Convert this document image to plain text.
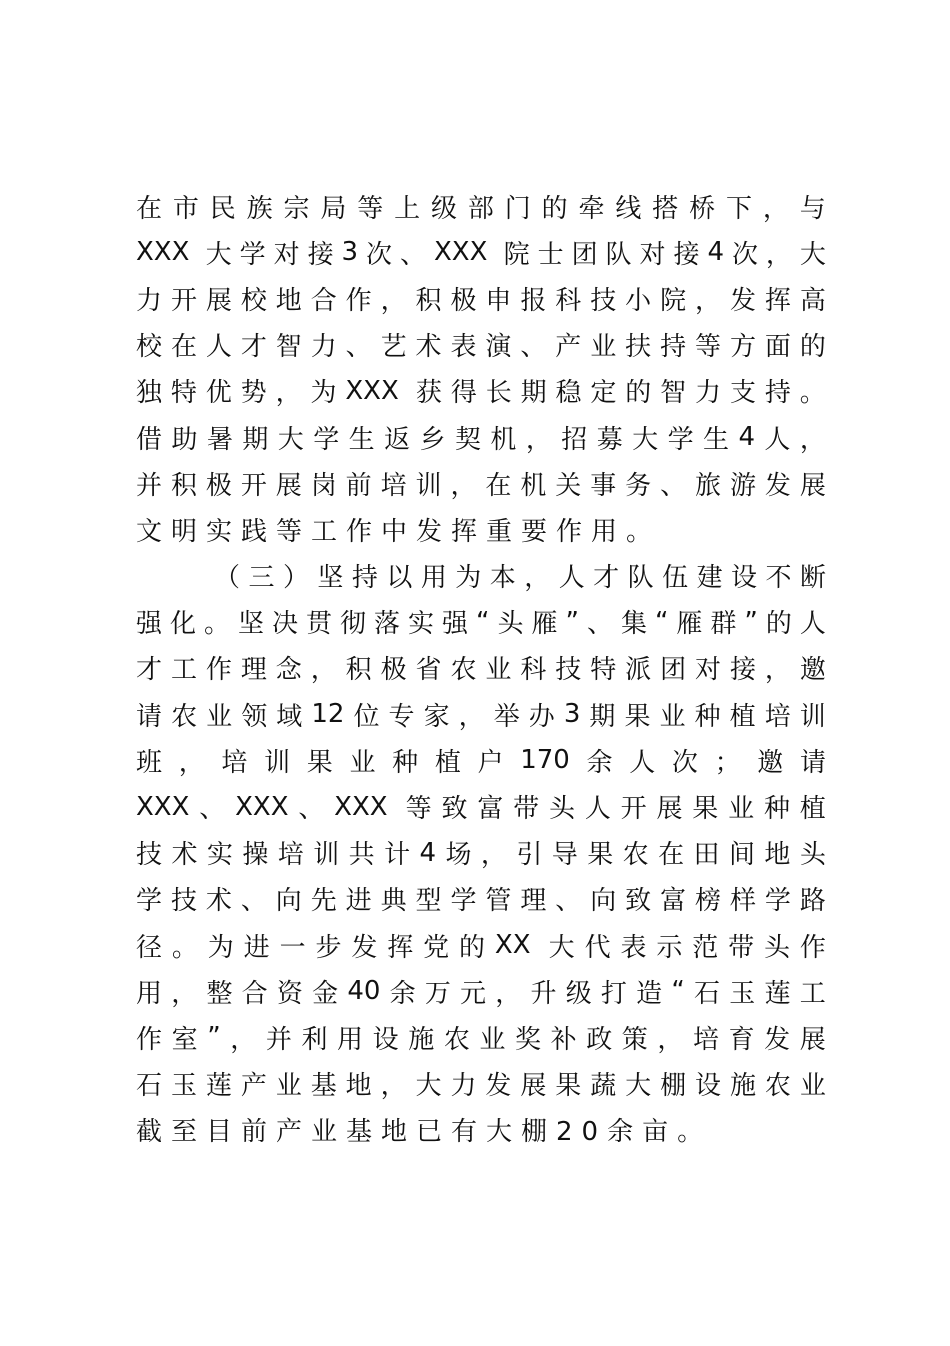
在 市 民 族 宗 局 等 上 级 部 门 的 牵 线 搭 桥 下 ， 与
XXX 大 学 对 接 3 次 、 XXX 院 士 团 队 对 接 4 次 ， 大
力 开 展 校 地 合 作 ， 积 极 申 报 科 技 小 院 ， 发 挥 高
校 在 人 才 智 力 、 艺 术 表 演 、 产 业 扶 持 等 方 面 的
独 特 优 势 ， 为 XXX 获 得 长 期 稳 定 的 智 力 支 持 。
借 助 暑 期 大 学 生 返 乡 契 机 ， 招 募 大 学 生 4 人 ，
并 积 极 开 展 岗 前 培 训 ， 在 机 关 事 务 、 旅 游 发 展
文明实践等工作中发挥重要作用。
（ 三 ） 坚 持 以 用 为 本 ， 人 才 队 伍 建 设 不 断
强 化 。 坚 决 贯 彻 落 实 强 “ 头 雁 ” 、 集 “ 雁 群 ” 的 人
才 工 作 理 念 ， 积 极 省 农 业 科 技 特 派 团 对 接 ， 邀
请 农 业 领 域 12 位 专 家 ， 举 办 3 期 果 业 种 植 培 训
班 ， 培 训 果 业 种 植 户 170 余 人 次 ； 邀 请
XXX 、 XXX 、 XXX 等 致 富 带 头 人 开 展 果 业 种 植
技 术 实 操 培 训 共 计 4 场 ， 引 导 果 农 在 田 间 地 头
学 技 术 、 向 先 进 典 型 学 管 理 、 向 致 富 榜 样 学 路
径 。 为 进 一 步 发 挥 党 的 XX 大 代 表 示 范 带 头 作
用 ， 整 合 资 金 40 余 万 元 ， 升 级 打 造 “ 石 玉 莲 工
作 室 ” ， 并 利 用 设 施 农 业 奖 补 政 策 ， 培 育 发 展
石 玉 莲 产 业 基 地 ， 大 力 发 展 果 蔬 大 棚 设 施 农 业
截至目前产业基地已有大棚20余亩。
